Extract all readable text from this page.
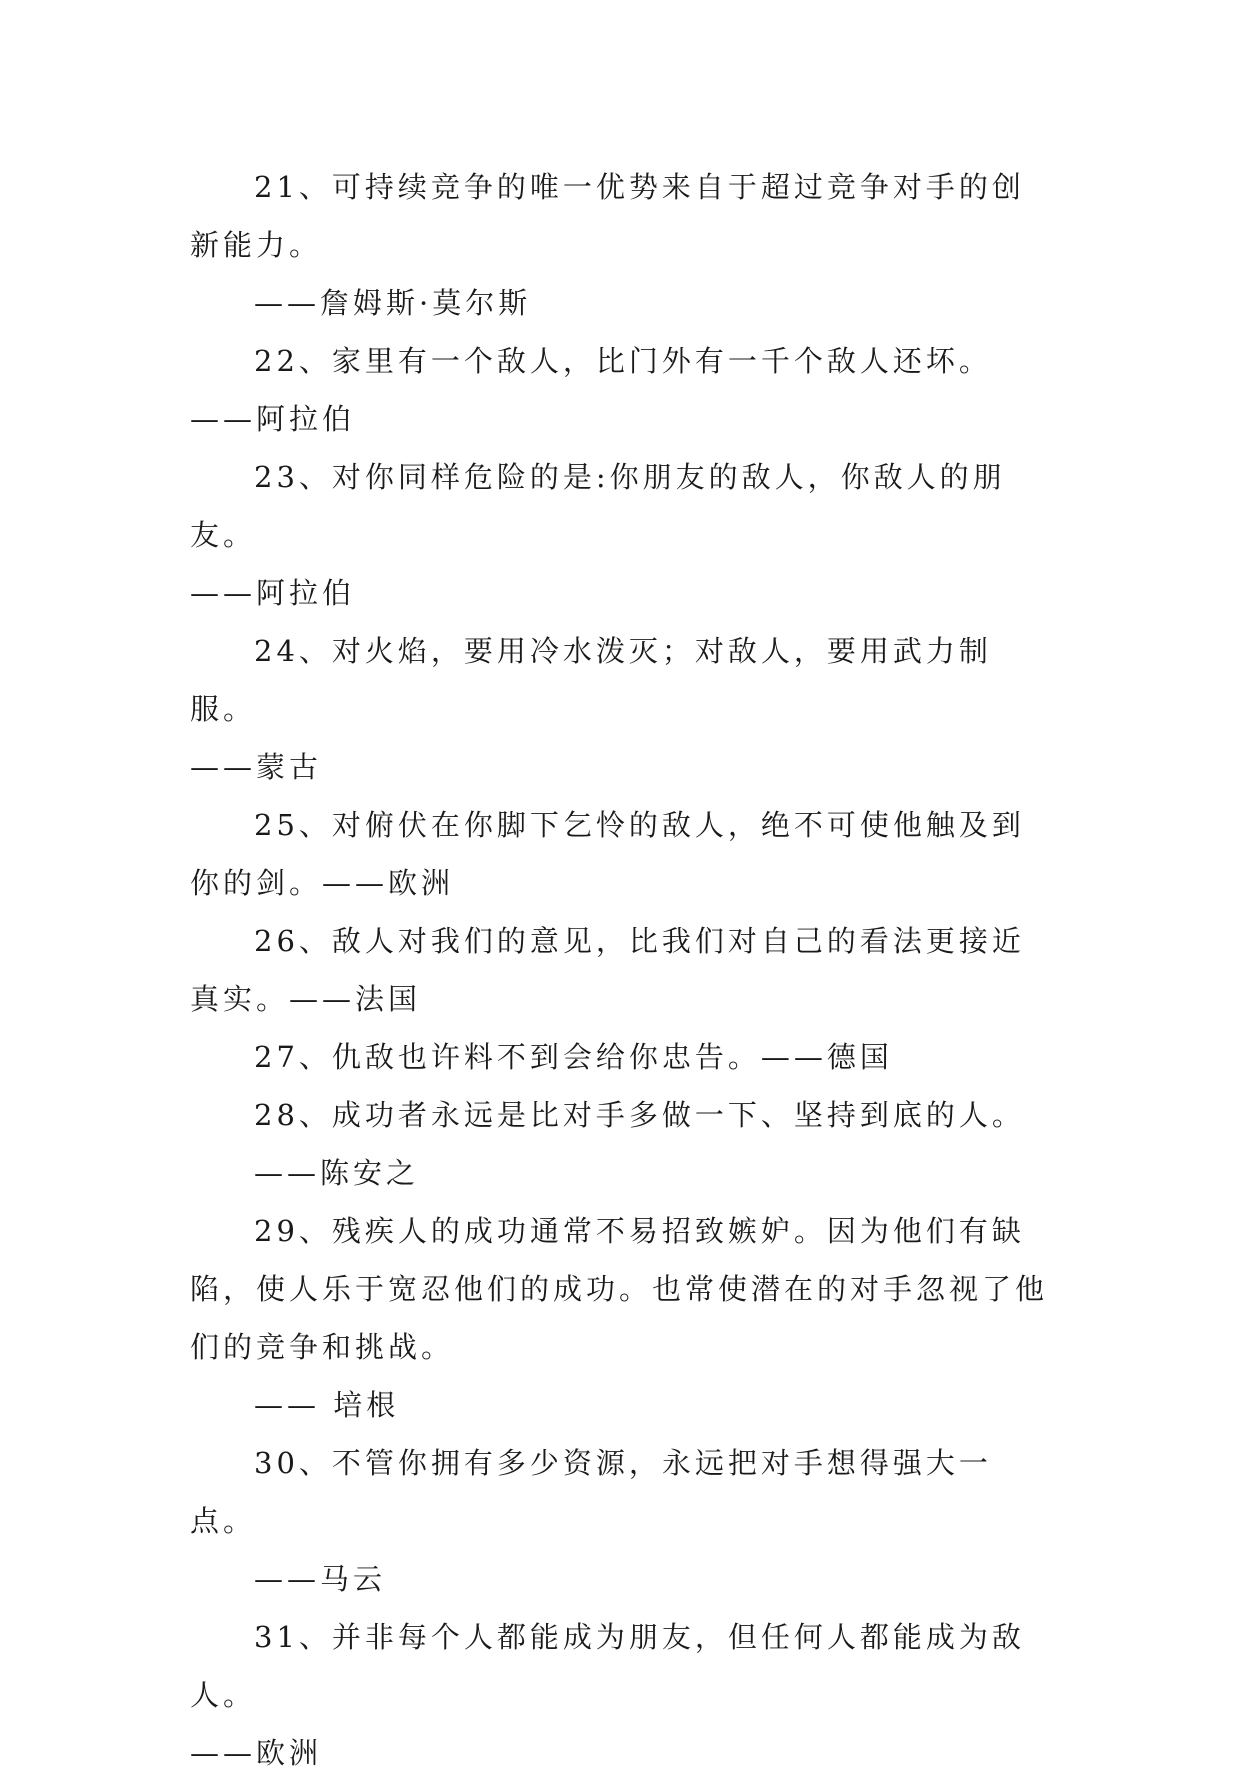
21、可持续竞争的唯一优势来自于超过竞争对手的创新能力。

——詹姆斯·莫尔斯

22、家里有一个敌人，比门外有一千个敌人还坏。——阿拉伯

23、对你同样危险的是:你朋友的敌人，你敌人的朋友。

——阿拉伯

24、对火焰，要用冷水泼灭；对敌人，要用武力制服。

——蒙古

25、对俯伏在你脚下乞怜的敌人，绝不可使他触及到你的剑。——欧洲

26、敌人对我们的意见，比我们对自己的看法更接近真实。——法国

27、仇敌也许料不到会给你忠告。——德国

28、成功者永远是比对手多做一下、坚持到底的人。

——陈安之

29、残疾人的成功通常不易招致嫉妒。因为他们有缺陷，使人乐于宽忍他们的成功。也常使潜在的对手忽视了他们的竞争和挑战。

—— 培根

30、不管你拥有多少资源，永远把对手想得强大一点。

——马云

31、并非每个人都能成为朋友，但任何人都能成为敌人。

——欧洲
